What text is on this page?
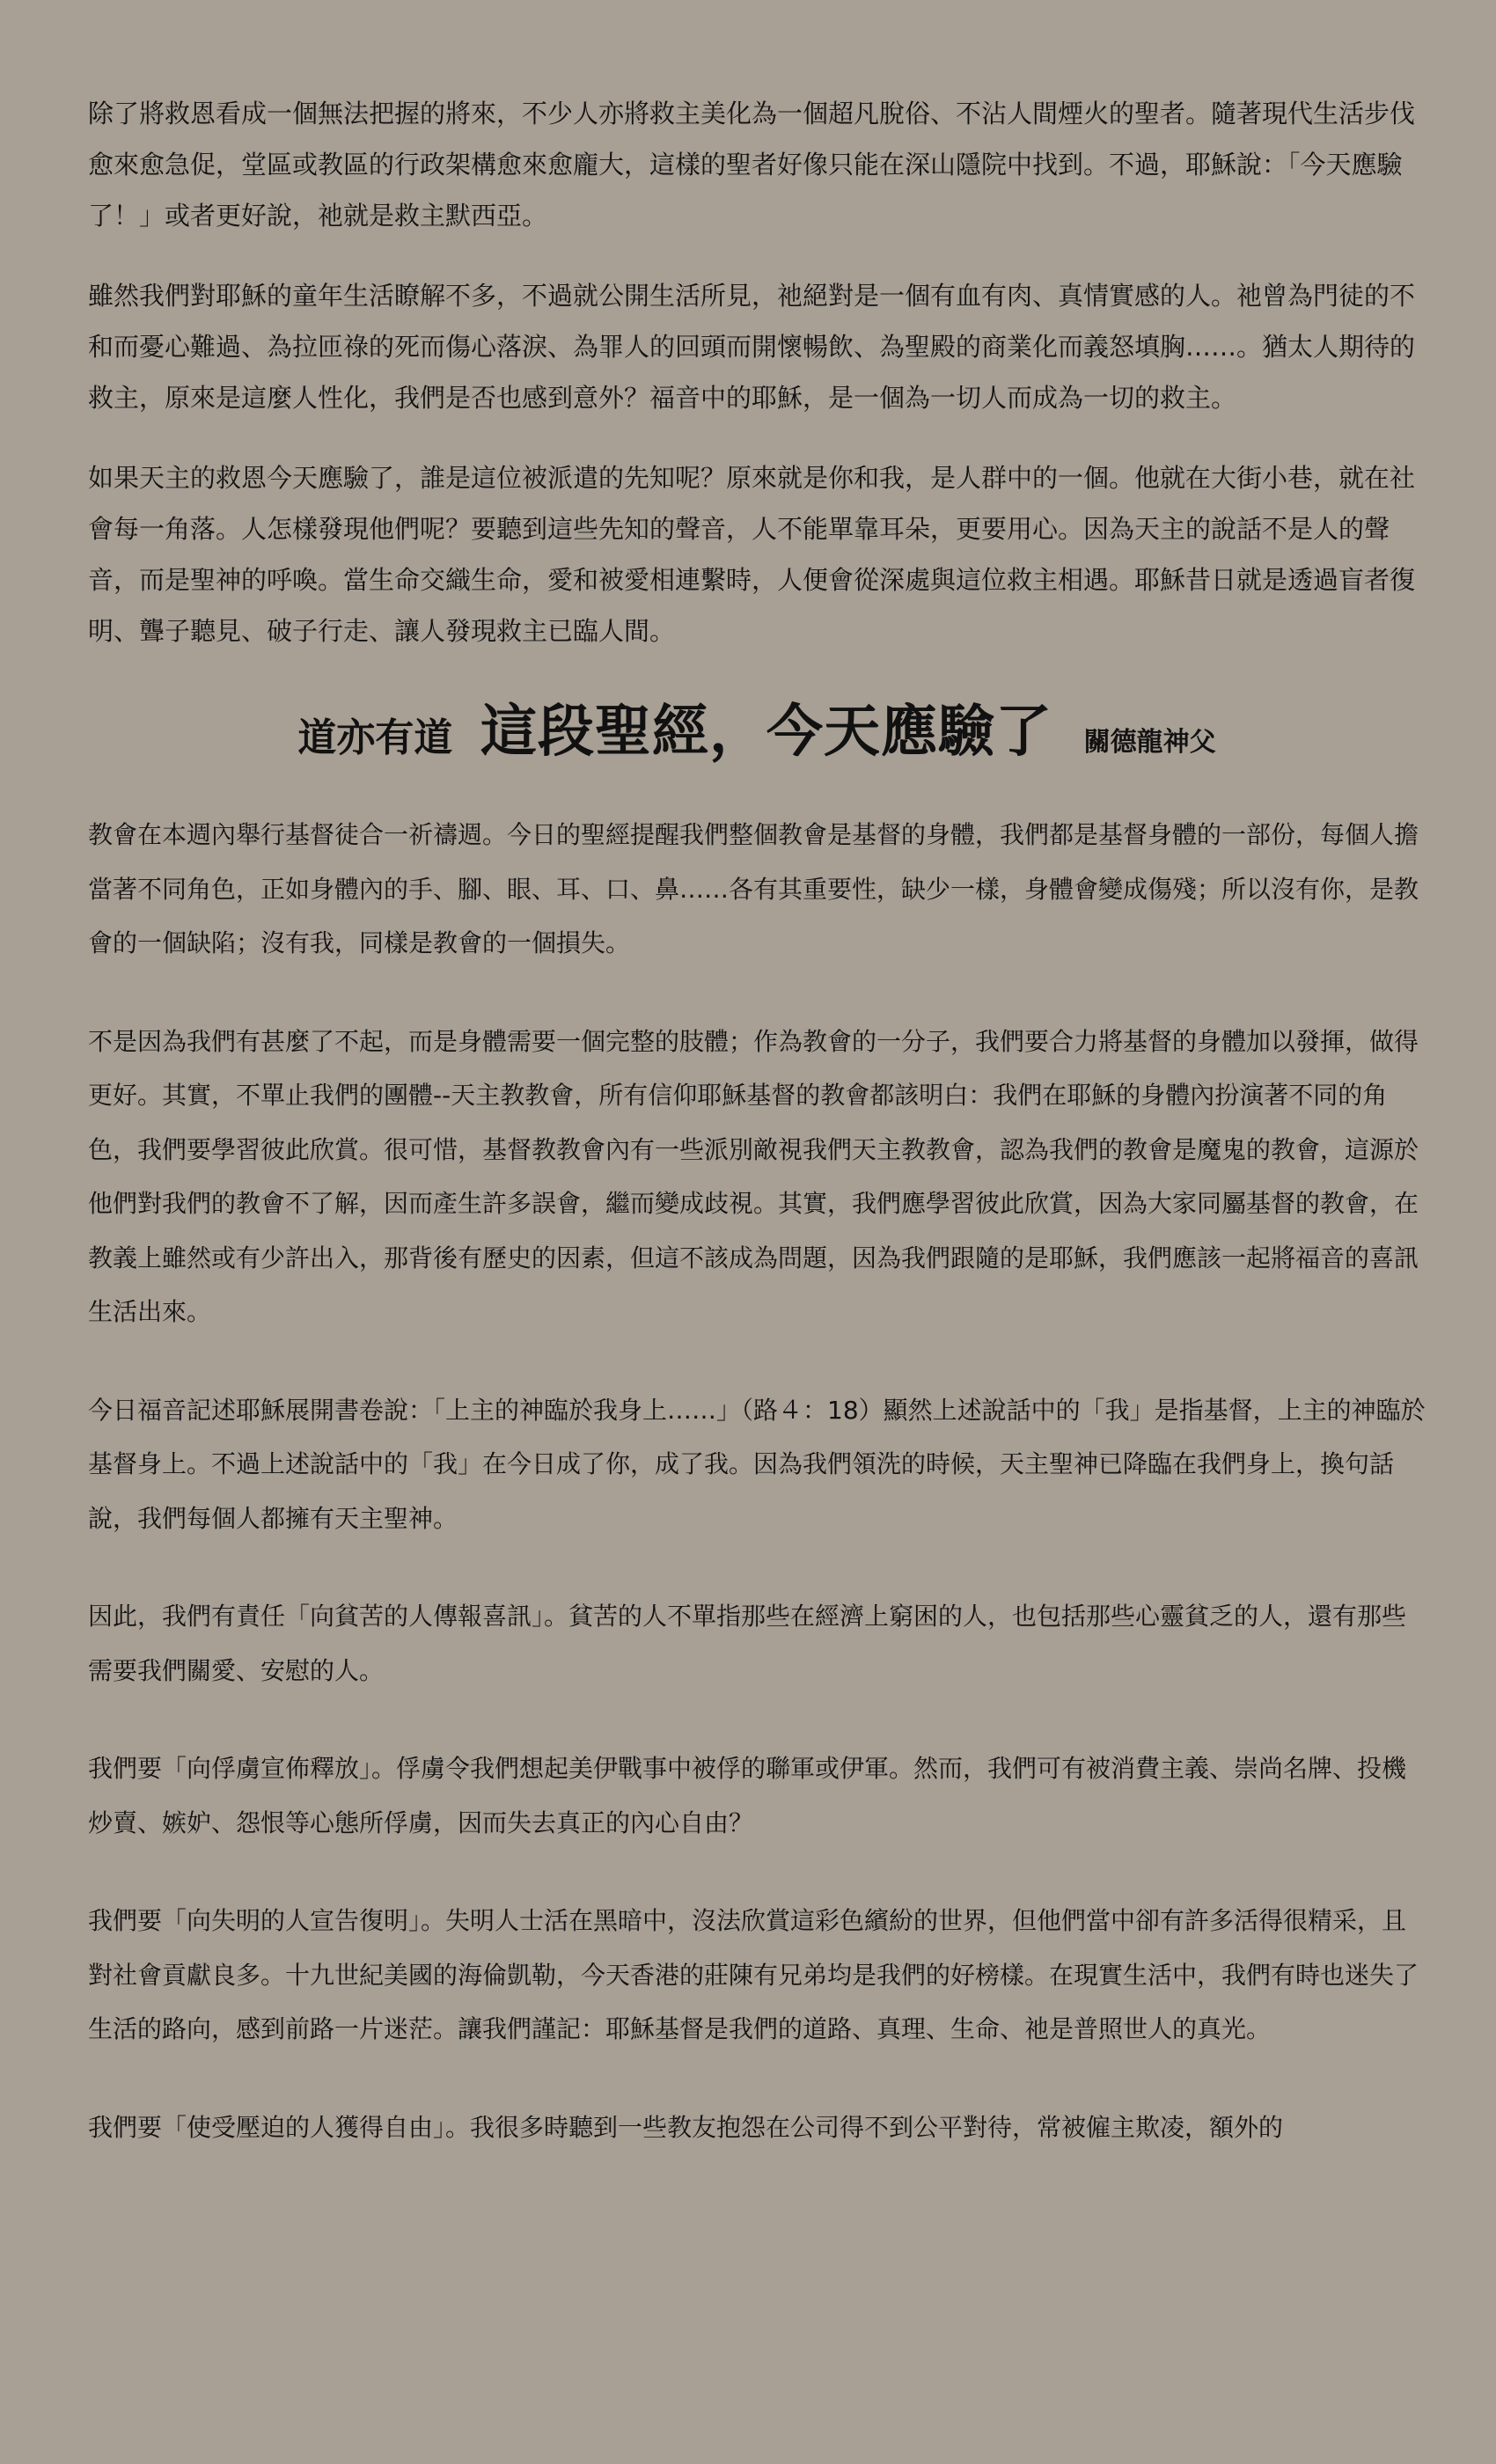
除了將救恩看成一個無法把握的將來，不少人亦將救主美化為一個超凡脫俗、不沾人間煙火的聖者。隨著現代生活步伐愈來愈急促，堂區或教區的行政架構愈來愈龐大，這樣的聖者好像只能在深山隱院中找到。不過，耶穌說：「今天應驗了！」或者更好說，祂就是救主默西亞。

雖然我們對耶穌的童年生活瞭解不多，不過就公開生活所見，祂絕對是一個有血有肉、真情實感的人。祂曾為門徒的不和而憂心難過、為拉匝祿的死而傷心落淚、為罪人的回頭而開懷暢飲、為聖殿的商業化而義怒填胸……。猶太人期待的救主，原來是這麼人性化，我們是否也感到意外？福音中的耶穌，是一個為一切人而成為一切的救主。

如果天主的救恩今天應驗了，誰是這位被派遣的先知呢？原來就是你和我，是人群中的一個。他就在大街小巷，就在社會每一角落。人怎樣發現他們呢？要聽到這些先知的聲音，人不能單靠耳朵，更要用心。因為天主的說話不是人的聲音，而是聖神的呼喚。當生命交織生命，愛和被愛相連繫時，人便會從深處與這位救主相遇。耶穌昔日就是透過盲者復明、聾子聽見、破子行走、讓人發現救主已臨人間。

道亦有道 這段聖經，今天應驗了 關德龍神父

教會在本週內舉行基督徒合一祈禱週。今日的聖經提醒我們整個教會是基督的身體，我們都是基督身體的一部份，每個人擔當著不同角色，正如身體內的手、腳、眼、耳、口、鼻……各有其重要性，缺少一樣，身體會變成傷殘；所以沒有你，是教會的一個缺陷；沒有我，同樣是教會的一個損失。

不是因為我們有甚麼了不起，而是身體需要一個完整的肢體；作為教會的一分子，我們要合力將基督的身體加以發揮，做得更好。其實，不單止我們的團體--天主教教會，所有信仰耶穌基督的教會都該明白：我們在耶穌的身體內扮演著不同的角色，我們要學習彼此欣賞。很可惜，基督教教會內有一些派別敵視我們天主教教會，認為我們的教會是魔鬼的教會，這源於他們對我們的教會不了解，因而產生許多誤會，繼而變成歧視。其實，我們應學習彼此欣賞，因為大家同屬基督的教會，在教義上雖然或有少許出入，那背後有歷史的因素，但這不該成為問題，因為我們跟隨的是耶穌，我們應該一起將福音的喜訊生活出來。

今日福音記述耶穌展開書卷說：「上主的神臨於我身上……」（路４：18）顯然上述說話中的「我」是指基督，上主的神臨於基督身上。不過上述說話中的「我」在今日成了你，成了我。因為我們領洗的時候，天主聖神已降臨在我們身上，換句話說，我們每個人都擁有天主聖神。

因此，我們有責任「向貧苦的人傳報喜訊」。貧苦的人不單指那些在經濟上窮困的人，也包括那些心靈貧乏的人，還有那些需要我們關愛、安慰的人。

我們要「向俘虜宣佈釋放」。俘虜令我們想起美伊戰事中被俘的聯軍或伊軍。然而，我們可有被消費主義、崇尚名牌、投機炒賣、嫉妒、怨恨等心態所俘虜，因而失去真正的內心自由？

我們要「向失明的人宣告復明」。失明人士活在黑暗中，沒法欣賞這彩色繽紛的世界，但他們當中卻有許多活得很精采，且對社會貢獻良多。十九世紀美國的海倫凱勒，今天香港的莊陳有兄弟均是我們的好榜樣。在現實生活中，我們有時也迷失了生活的路向，感到前路一片迷茫。讓我們謹記：耶穌基督是我們的道路、真理、生命、祂是普照世人的真光。

我們要「使受壓迫的人獲得自由」。我很多時聽到一些教友抱怨在公司得不到公平對待，常被僱主欺凌，額外的
